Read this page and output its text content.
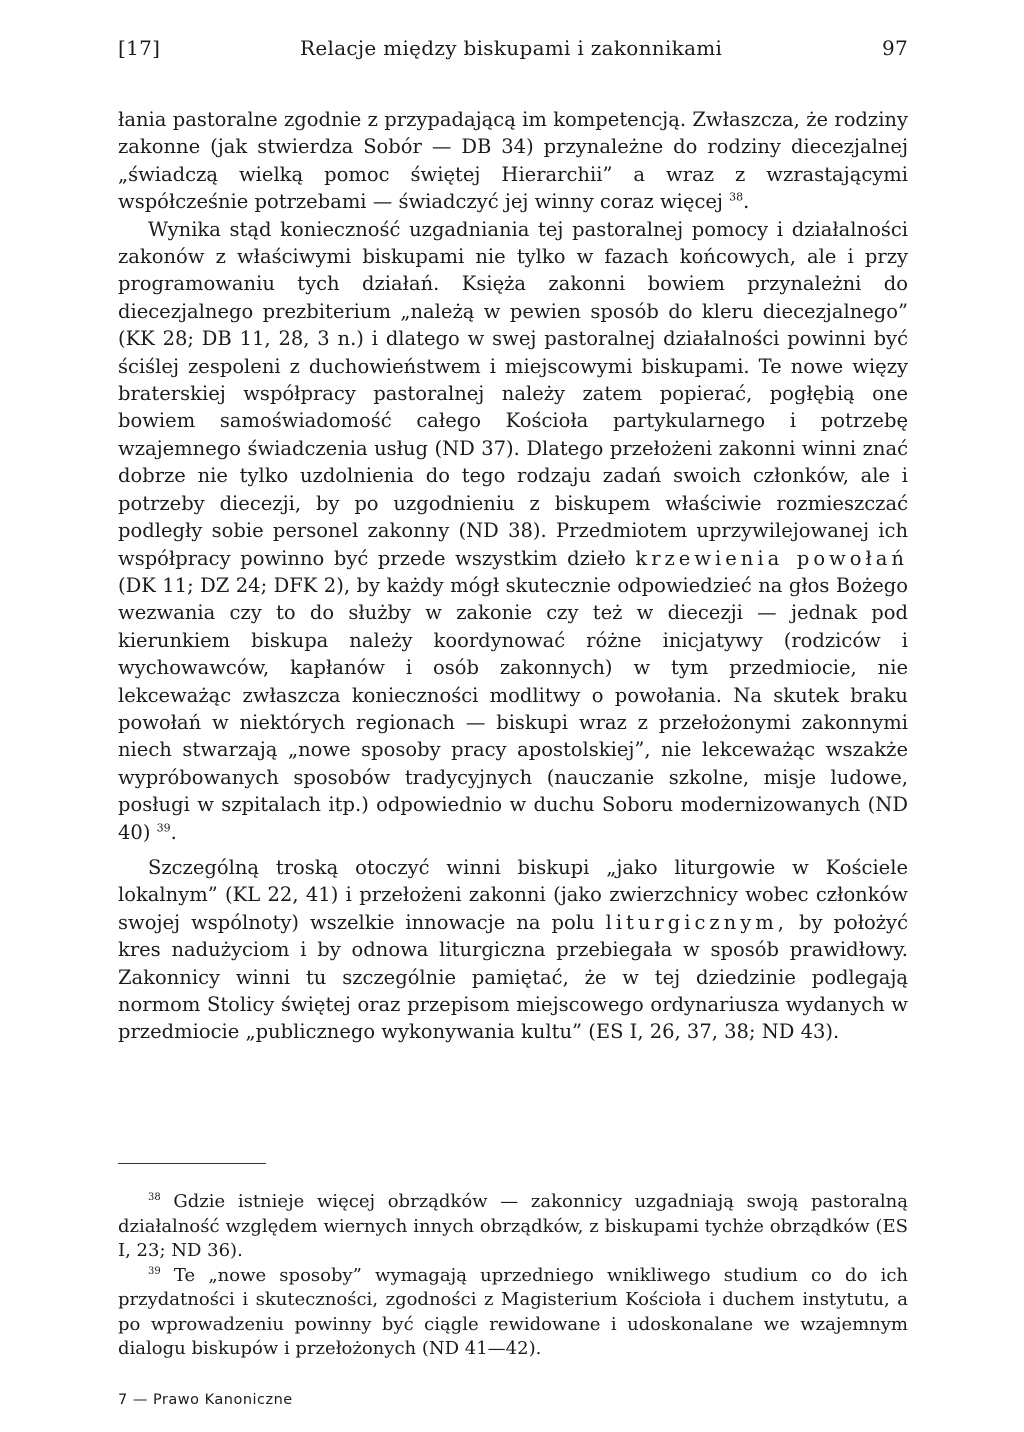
[17]	Relacje między biskupami i zakonnikami	97

łania pastoralne zgodnie z przypadającą im kompetencją. Zwłaszcza, że rodziny zakonne (jak stwierdza Sobór — DB 34) przynależne do rodziny diecezjalnej „świadczą wielką pomoc świętej Hierarchii” a wraz z wzrastającymi współcześnie potrzebami — świadczyć jej winny coraz więcej $^{38}$.

Wynika stąd konieczność uzgadniania tej pastoralnej pomocy i działalności zakonów z właściwymi biskupami nie tylko w fazach końcowych, ale i przy programowaniu tych działań. Księża zakonni bowiem przynależni do diecezjalnego prezbiterium „należą w pewien sposób do kleru diecezjalnego” (KK 28; DB 11, 28, 3 n.) i dlatego w swej pastoralnej działalności powinni być ściślej zespoleni z duchowieństwem i miejscowymi biskupami. Te nowe więzy braterskiej współpracy pastoralnej należy zatem popierać, pogłębią one bowiem samoświadomość całego Kościoła partykularnego i potrzebę wzajemnego świadczenia usług (ND 37). Dlatego przełożeni zakonni winni znać dobrze nie tylko uzdolnienia do tego rodzaju zadań swoich członków, ale i potrzeby diecezji, by po uzgodnieniu z biskupem właściwie rozmieszczać podległy sobie personel zakonny (ND 38). Przedmiotem uprzywilejowanej ich współpracy powinno być przede wszystkim dzieło krzewienia powołań (DK 11; DZ 24; DFK 2), by każdy mógł skutecznie odpowiedzieć na głos Bożego wezwania czy to do służby w zakonie czy też w diecezji — jednak pod kierunkiem biskupa należy koordynować różne inicjatywy (rodziców i wychowawców, kapłanów i osób zakonnych) w tym przedmiocie, nie lekceważąc zwłaszcza konieczności modlitwy o powołania. Na skutek braku powołań w niektórych regionach — biskupi wraz z przełożonymi zakonnymi niech stwarzają „nowe sposoby pracy apostolskiej”, nie lekceważąc wszakże wypróbowanych sposobów tradycyjnych (nauczanie szkolne, misje ludowe, posługi w szpitalach itp.) odpowiednio w duchu Soboru modernizowanych (ND 40) $^{39}$.

Szczególną troską otoczyć winni biskupi „jako liturgowie w Kościele lokalnym” (KL 22, 41) i przełożeni zakonni (jako zwierzchnicy wobec członków swojej wspólnoty) wszelkie innowacje na polu liturgicznym, by położyć kres nadużyciom i by odnowa liturgiczna przebiegała w sposób prawidłowy. Zakonnicy winni tu szczególnie pamiętać, że w tej dziedzinie podlegają normom Stolicy świętej oraz przepisom miejscowego ordynariusza wydanych w przedmiocie „publicznego wykonywania kultu” (ES I, 26, 37, 38; ND 43).

$^{38}$ Gdzie istnieje więcej obrządków — zakonnicy uzgadniają swoją pastoralną działalność względem wiernych innych obrządków, z biskupami tychże obrządków (ES I, 23; ND 36).

$^{39}$ Te „nowe sposoby” wymagają uprzedniego wnikliwego studium co do ich przydatności i skuteczności, zgodności z Magisterium Kościoła i duchem instytutu, a po wprowadzeniu powinny być ciągle rewidowane i udoskonalane we wzajemnym dialogu biskupów i przełożonych (ND 41—42).

7 — Prawo Kanoniczne
